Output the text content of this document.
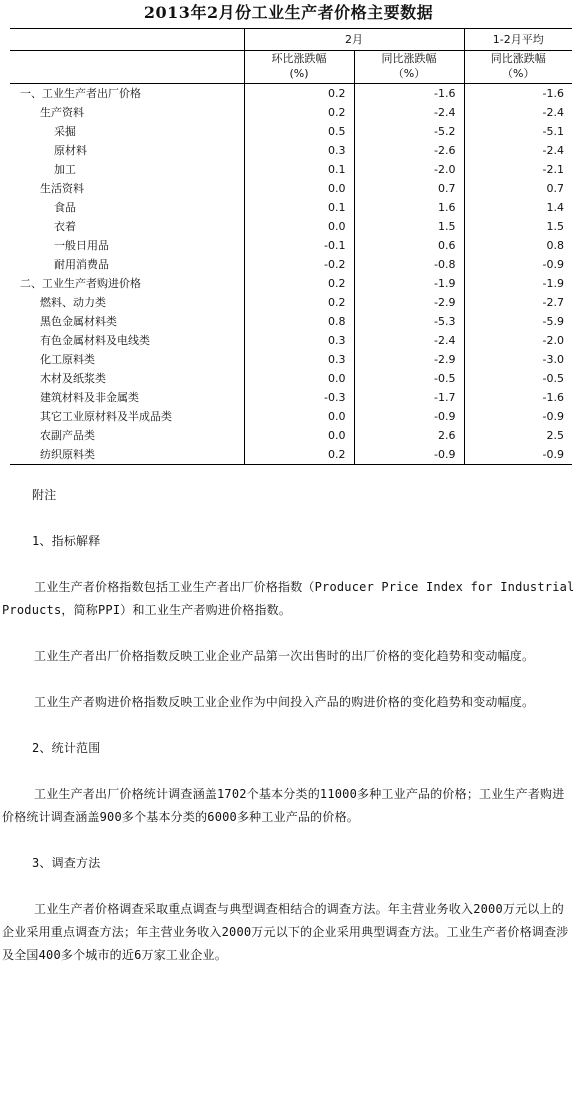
2013年2月份工业生产者价格主要数据
	2月		1-2月平均
	环比涨跌幅	同比涨跌幅	同比涨跌幅
	(%)	（%）	（%）
一、工业生产者出厂价格	0.2	-1.6	-1.6
生产资料	0.2	-2.4	-2.4
采掘	0.5	-5.2	-5.1
原材料	0.3	-2.6	-2.4
加工	0.1	-2.0	-2.1
生活资料	0.0	0.7	0.7
食品	0.1	1.6	1.4
衣着	0.0	1.5	1.5
一般日用品	-0.1	0.6	0.8
耐用消费品	-0.2	-0.8	-0.9
二、工业生产者购进价格	0.2	-1.9	-1.9
燃料、动力类	0.2	-2.9	-2.7
黑色金属材料类	0.8	-5.3	-5.9
有色金属材料及电线类	0.3	-2.4	-2.0
化工原料类	0.3	-2.9	-3.0
木材及纸浆类	0.0	-0.5	-0.5
建筑材料及非金属类	-0.3	-1.7	-1.6
其它工业原材料及半成品类	0.0	-0.9	-0.9
农副产品类	0.0	2.6	2.5
纺织原料类	0.2	-0.9	-0.9

附注

1、指标解释

工业生产者价格指数包括工业生产者出厂价格指数（Producer Price Index for Industrial Products，简称PPI）和工业生产者购进价格指数。

工业生产者出厂价格指数反映工业企业产品第一次出售时的出厂价格的变化趋势和变动幅度。

工业生产者购进价格指数反映工业企业作为中间投入产品的购进价格的变化趋势和变动幅度。

2、统计范围

工业生产者出厂价格统计调查涵盖1702个基本分类的11000多种工业产品的价格；工业生产者购进价格统计调查涵盖900多个基本分类的6000多种工业产品的价格。

3、调查方法

工业生产者价格调查采取重点调查与典型调查相结合的调查方法。年主营业务收入2000万元以上的企业采用重点调查方法；年主营业务收入2000万元以下的企业采用典型调查方法。工业生产者价格调查涉及全国400多个城市的近6万家工业企业。
